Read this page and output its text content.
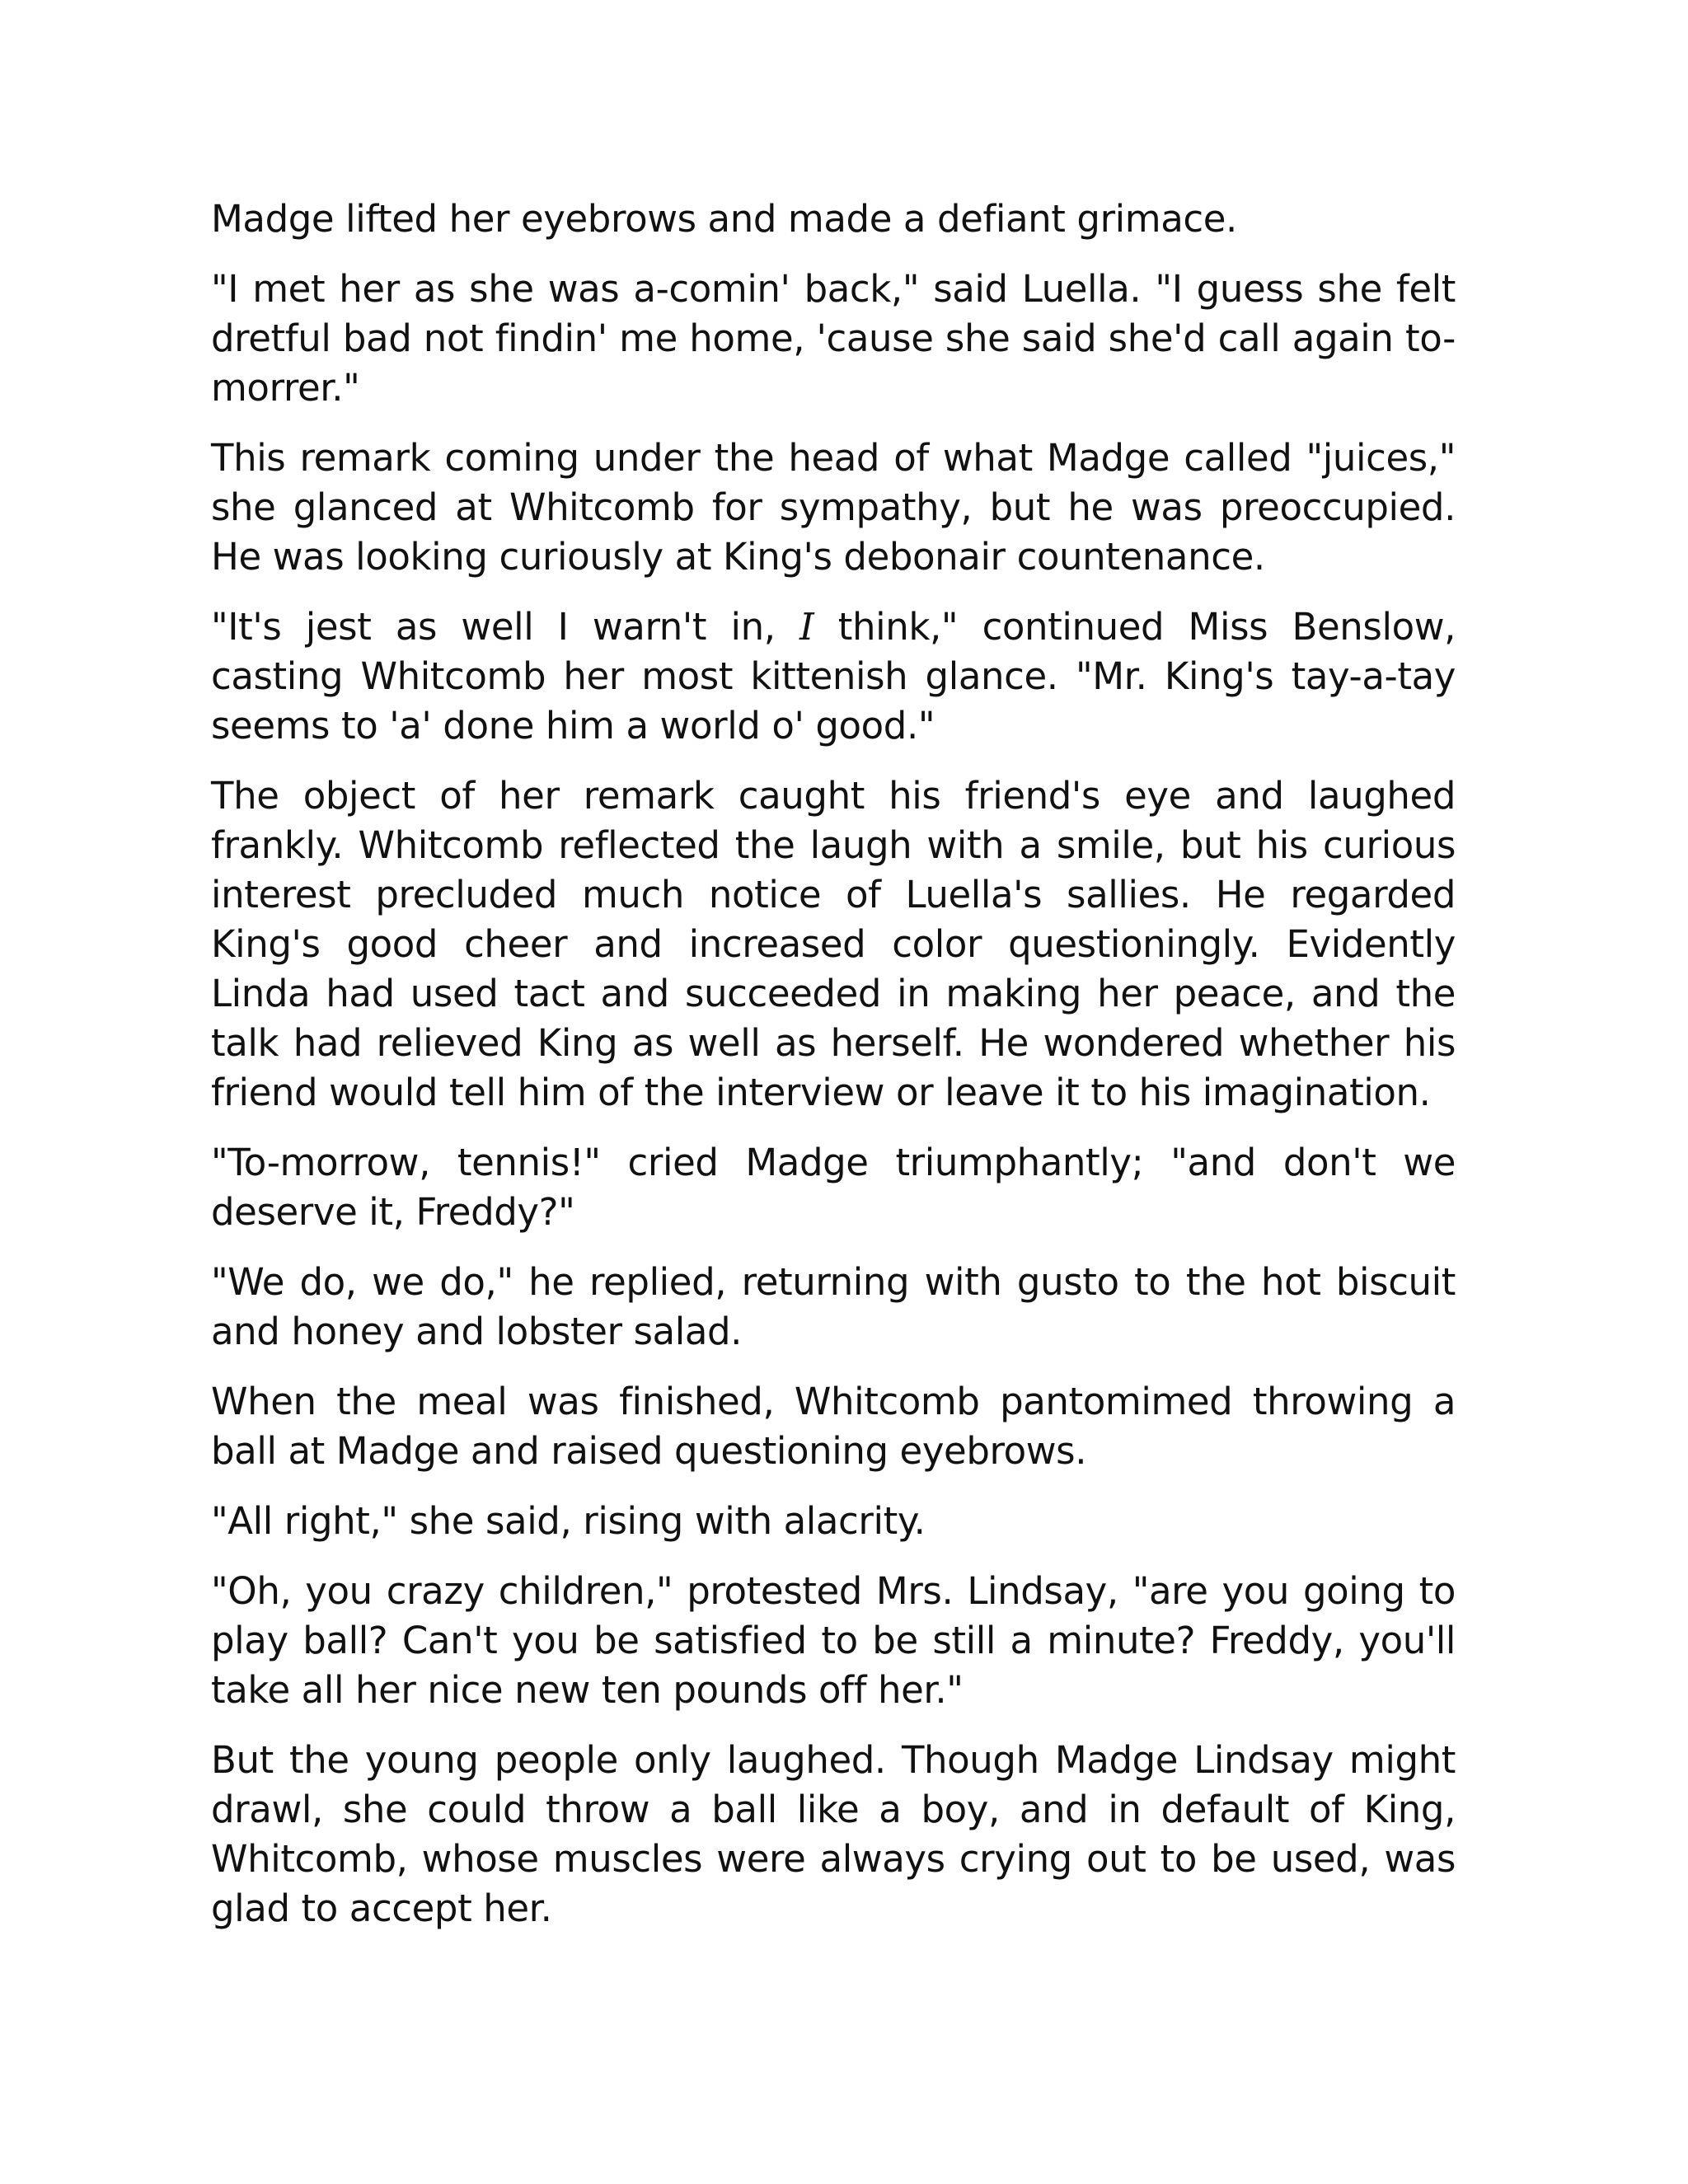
Madge lifted her eyebrows and made a defiant grimace.

"I met her as she was a-comin' back," said Luella. "I guess she felt dretful bad not findin' me home, 'cause she said she'd call again to-morrer."

This remark coming under the head of what Madge called "juices," she glanced at Whitcomb for sympathy, but he was preoccupied. He was looking curiously at King's debonair countenance.

"It's jest as well I warn't in, I think," continued Miss Benslow, casting Whitcomb her most kittenish glance. "Mr. King's tay-a-tay seems to 'a' done him a world o' good."

The object of her remark caught his friend's eye and laughed frankly. Whitcomb reflected the laugh with a smile, but his curious interest precluded much notice of Luella's sallies. He regarded King's good cheer and increased color questioningly. Evidently Linda had used tact and succeeded in making her peace, and the talk had relieved King as well as herself. He wondered whether his friend would tell him of the interview or leave it to his imagination.

"To-morrow, tennis!" cried Madge triumphantly; "and don't we deserve it, Freddy?"

"We do, we do," he replied, returning with gusto to the hot biscuit and honey and lobster salad.

When the meal was finished, Whitcomb pantomimed throwing a ball at Madge and raised questioning eyebrows.

"All right," she said, rising with alacrity.

"Oh, you crazy children," protested Mrs. Lindsay, "are you going to play ball? Can't you be satisfied to be still a minute? Freddy, you'll take all her nice new ten pounds off her."

But the young people only laughed. Though Madge Lindsay might drawl, she could throw a ball like a boy, and in default of King, Whitcomb, whose muscles were always crying out to be used, was glad to accept her.
